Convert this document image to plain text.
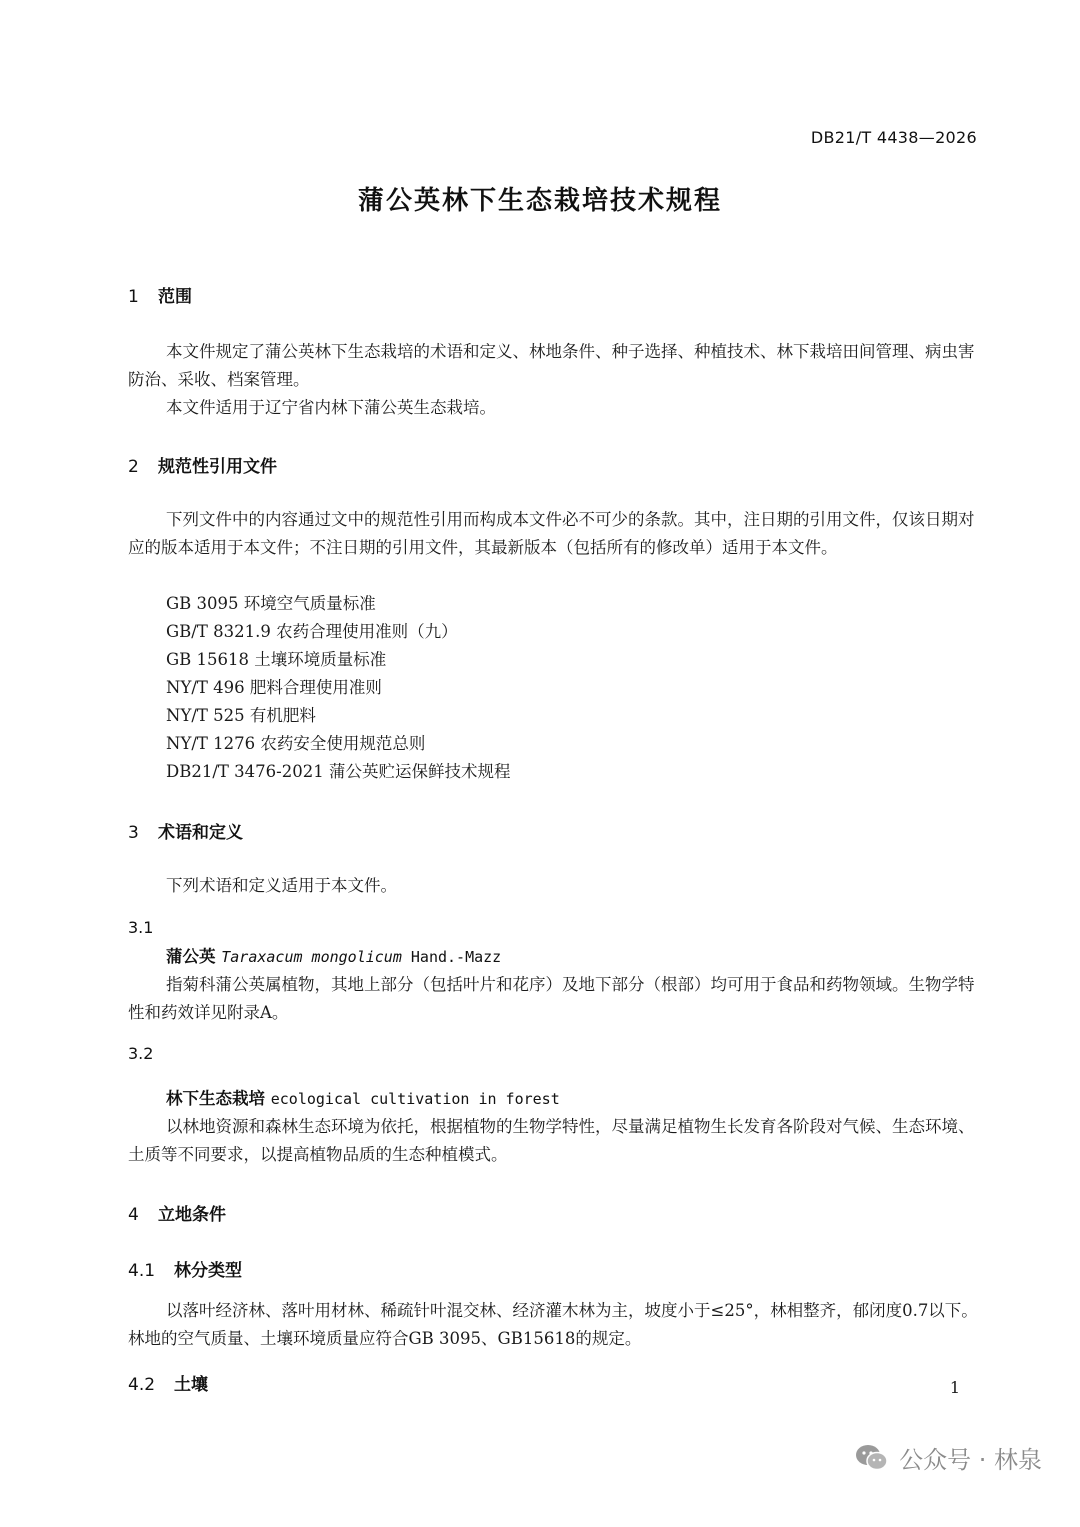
DB21/T 4438—2026
蒲公英林下生态栽培技术规程
1 范围
本文件规定了蒲公英林下生态栽培的术语和定义、林地条件、种子选择、种植技术、林下栽培田间管理、病虫害防治、采收、档案管理。
本文件适用于辽宁省内林下蒲公英生态栽培。
2 规范性引用文件
下列文件中的内容通过文中的规范性引用而构成本文件必不可少的条款。其中，注日期的引用文件，仅该日期对应的版本适用于本文件；不注日期的引用文件，其最新版本（包括所有的修改单）适用于本文件。
GB 3095 环境空气质量标准
GB/T 8321.9 农药合理使用准则（九）
GB 15618 土壤环境质量标准
NY/T 496 肥料合理使用准则
NY/T 525 有机肥料
NY/T 1276 农药安全使用规范总则
DB21/T 3476-2021 蒲公英贮运保鲜技术规程
3 术语和定义
下列术语和定义适用于本文件。
3.1
蒲公英 Taraxacum mongolicum Hand.-Mazz
指菊科蒲公英属植物，其地上部分（包括叶片和花序）及地下部分（根部）均可用于食品和药物领域。生物学特性和药效详见附录A。
3.2
林下生态栽培 ecological cultivation in forest
以林地资源和森林生态环境为依托，根据植物的生物学特性，尽量满足植物生长发育各阶段对气候、生态环境、土质等不同要求，以提高植物品质的生态种植模式。
4 立地条件
4.1 林分类型
以落叶经济林、落叶用材林、稀疏针叶混交林、经济灌木林为主，坡度小于≤25°，林相整齐，郁闭度0.7以下。林地的空气质量、土壤环境质量应符合GB 3095、GB15618的规定。
4.2 土壤	1
公众号 · 林泉
